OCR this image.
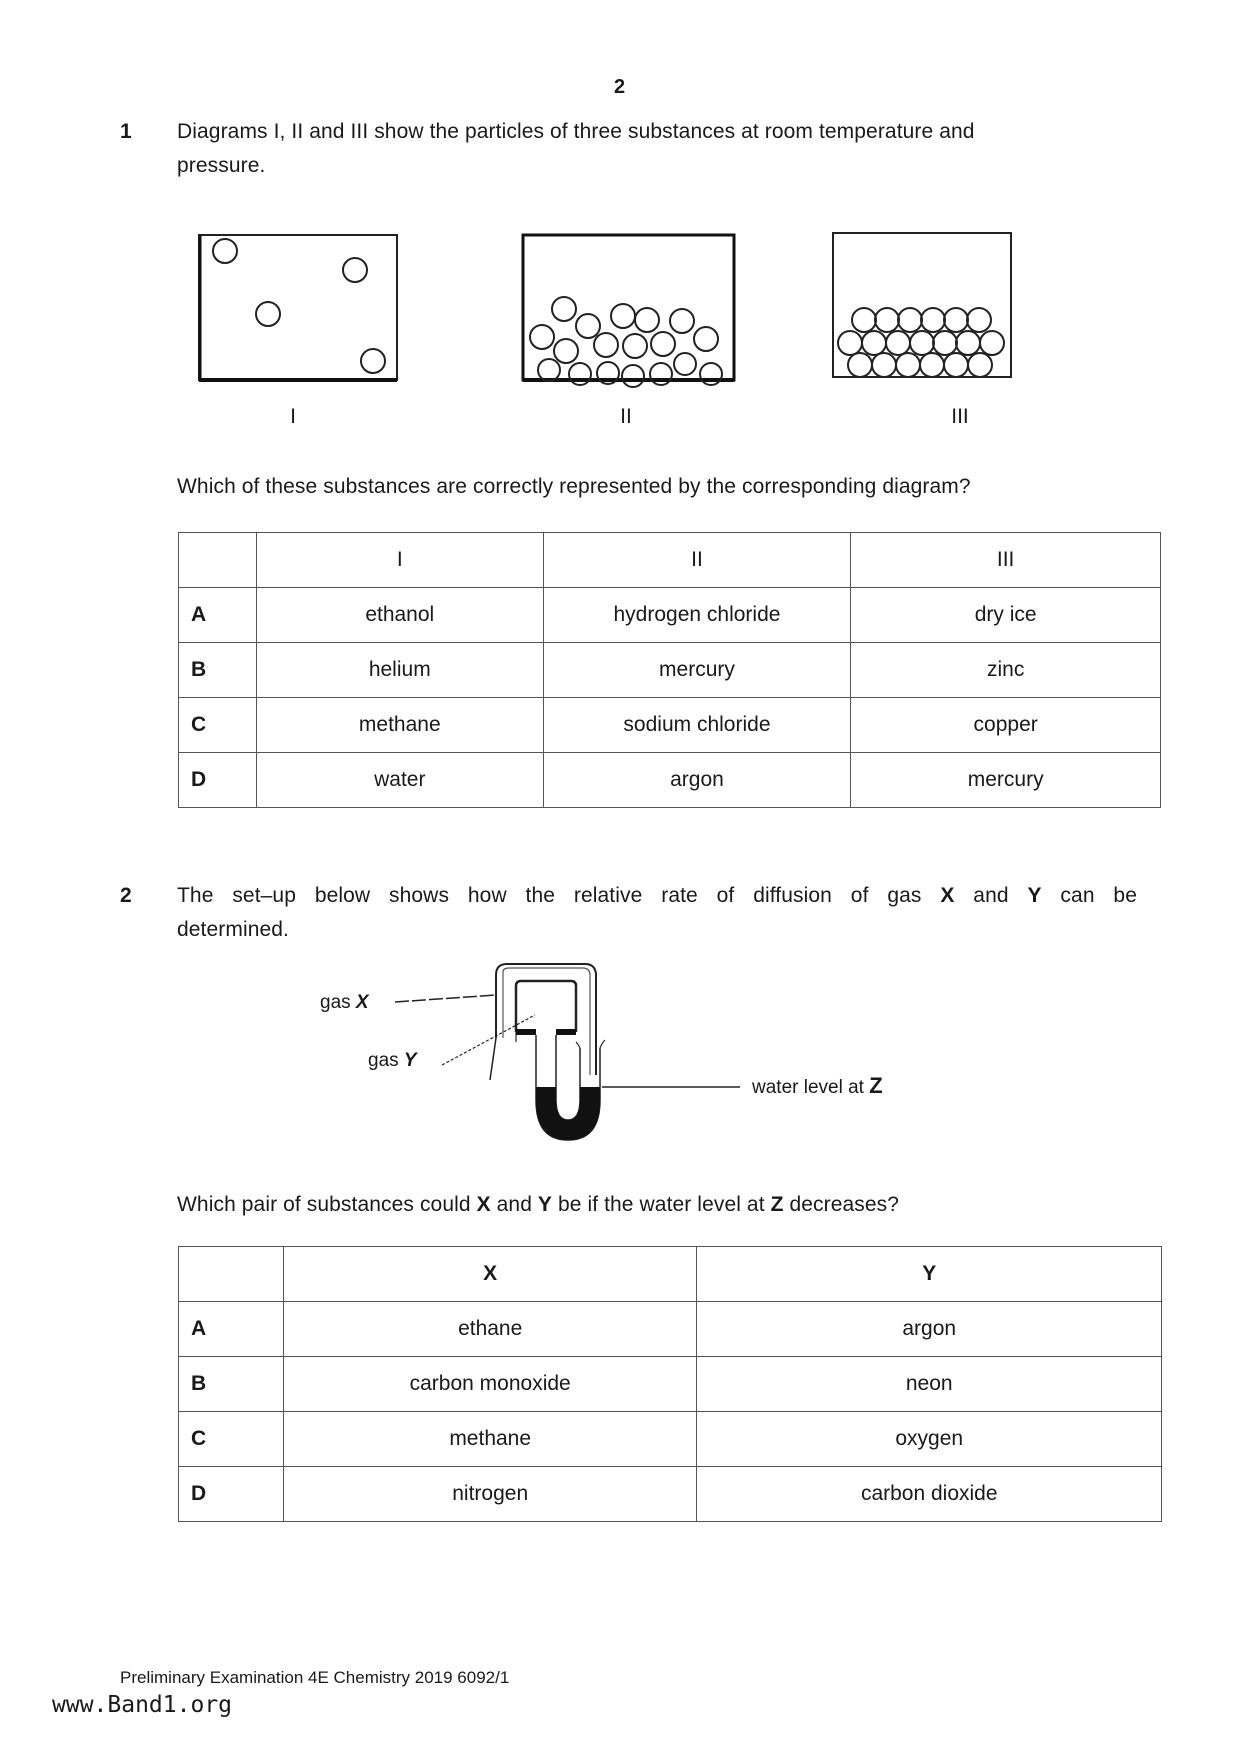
2
1 Diagrams I, II and III show the particles of three substances at room temperature and
pressure.
I	II	III
Which of these substances are correctly represented by the corresponding diagram?
	I	II	III
A	ethanol	hydrogen chloride	dry ice
B	helium	mercury	zinc
C	methane	sodium chloride	copper
D	water	argon	mercury
2 The set–up below shows how the relative rate of diffusion of gas X and Y can be
determined.
gas X
gas Y
water level at Z
Which pair of substances could X and Y be if the water level at Z decreases?
	X	Y
A	ethane	argon
B	carbon monoxide	neon
C	methane	oxygen
D	nitrogen	carbon dioxide
Preliminary Examination 4E Chemistry 2019 6092/1
www.Band1.org
